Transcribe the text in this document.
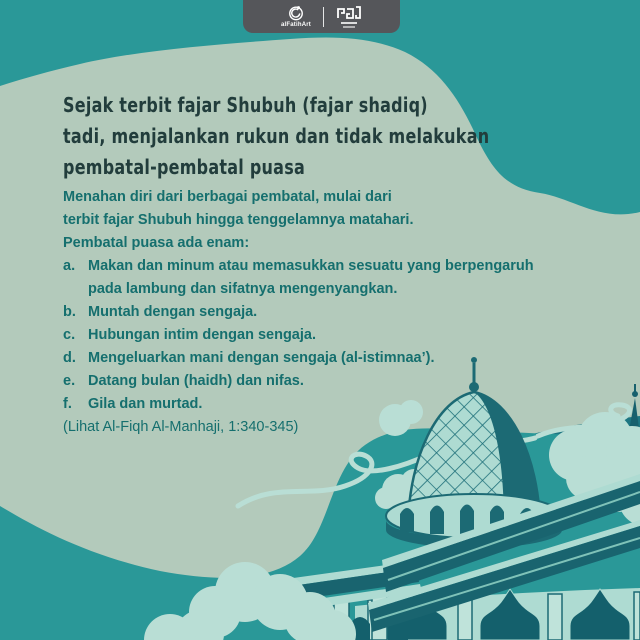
alFatihArt
Sejak terbit fajar Shubuh (fajar shadiq)
tadi, menjalankan rukun dan tidak melakukan
pembatal-pembatal puasa
Menahan diri dari berbagai pembatal, mulai dari
terbit fajar Shubuh hingga tenggelamnya matahari.
Pembatal puasa ada enam:
a. Makan dan minum atau memasukkan sesuatu yang berpengaruh pada lambung dan sifatnya mengenyangkan.
b. Muntah dengan sengaja.
c. Hubungan intim dengan sengaja.
d. Mengeluarkan mani dengan sengaja (al-istimnaa’).
e. Datang bulan (haidh) dan nifas.
f.	Gila dan murtad.
(Lihat Al-Fiqh Al-Manhaji, 1:340-345)
